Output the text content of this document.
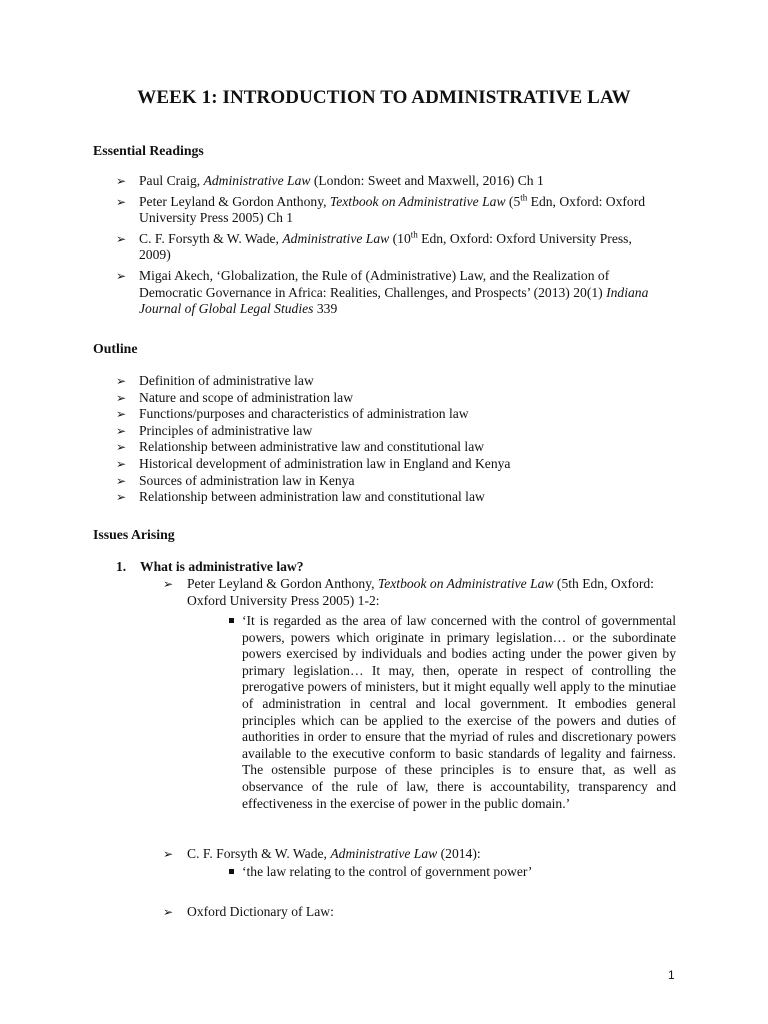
WEEK 1: INTRODUCTION TO ADMINISTRATIVE LAW
Essential Readings
➢
Paul Craig, Administrative Law (London: Sweet and Maxwell, 2016) Ch 1
➢
Peter Leyland & Gordon Anthony, Textbook on Administrative Law (5th Edn, Oxford: Oxford University Press 2005) Ch 1
➢
C. F. Forsyth & W. Wade, Administrative Law (10th Edn, Oxford: Oxford University Press, 2009)
➢
Migai Akech, ‘Globalization, the Rule of (Administrative) Law, and the Realization of Democratic Governance in Africa: Realities, Challenges, and Prospects’ (2013) 20(1) Indiana Journal of Global Legal Studies 339
Outline
➢
Definition of administrative law
➢
Nature and scope of administration law
➢
Functions/purposes and characteristics of administration law
➢
Principles of administrative law
➢
Relationship between administrative law and constitutional law
➢
Historical development of administration law in England and Kenya
➢
Sources of administration law in Kenya
➢
Relationship between administration law and constitutional law
Issues Arising
1. What is administrative law?
➢
Peter Leyland & Gordon Anthony, Textbook on Administrative Law (5th Edn, Oxford: Oxford University Press 2005) 1-2:
‘It is regarded as the area of law concerned with the control of governmental powers, powers which originate in primary legislation… or the subordinate powers exercised by individuals and bodies acting under the power given by primary legislation… It may, then, operate in respect of controlling the prerogative powers of ministers, but it might equally well apply to the minutiae of administration in central and local government. It embodies general principles which can be applied to the exercise of the powers and duties of authorities in order to ensure that the myriad of rules and discretionary powers available to the executive conform to basic standards of legality and fairness. The ostensible purpose of these principles is to ensure that, as well as observance of the rule of law, there is accountability, transparency and effectiveness in the exercise of power in the public domain.’
➢
C. F. Forsyth & W. Wade, Administrative Law (2014):
‘the law relating to the control of government power’
➢
Oxford Dictionary of Law:
1
